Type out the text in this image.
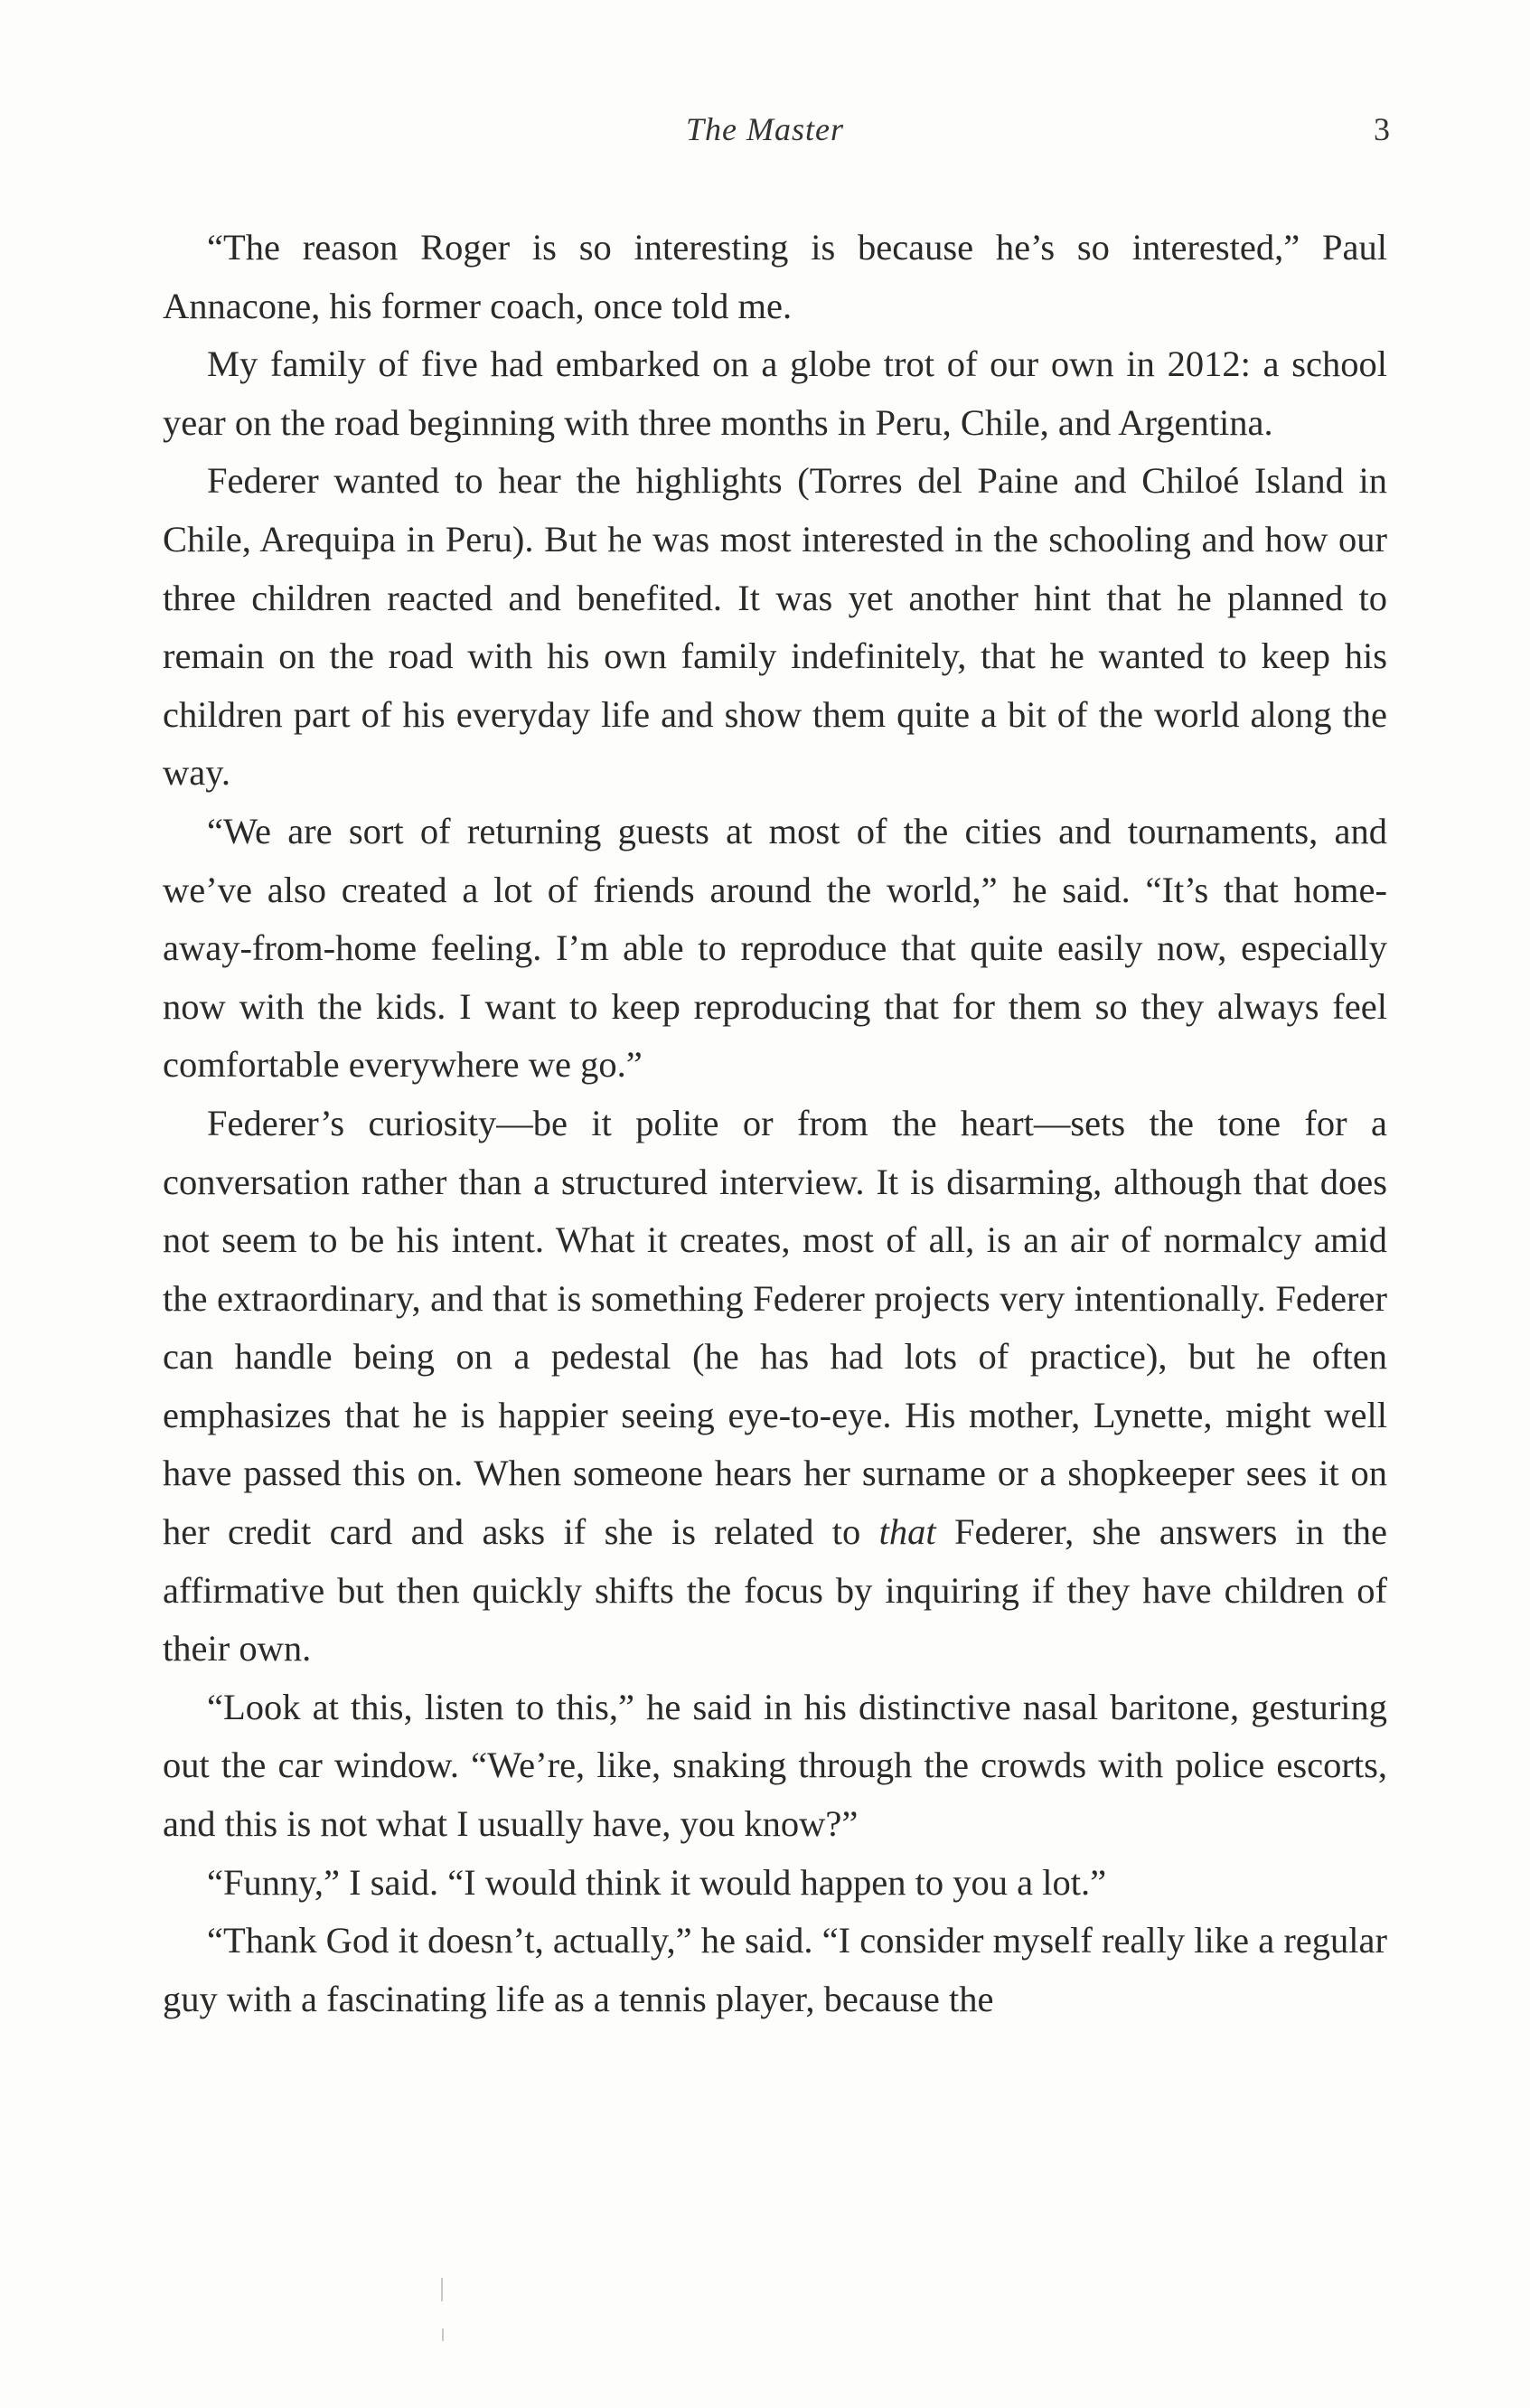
The Master	3

“The reason Roger is so interesting is because he’s so interested,” Paul Annacone, his former coach, once told me.

My family of five had embarked on a globe trot of our own in 2012: a school year on the road beginning with three months in Peru, Chile, and Argentina.

Federer wanted to hear the highlights (Torres del Paine and Chiloé Island in Chile, Arequipa in Peru). But he was most interested in the schooling and how our three children reacted and benefited. It was yet another hint that he planned to remain on the road with his own family indefinitely, that he wanted to keep his children part of his everyday life and show them quite a bit of the world along the way.

“We are sort of returning guests at most of the cities and tournaments, and we’ve also created a lot of friends around the world,” he said. “It’s that home-away-from-home feeling. I’m able to reproduce that quite easily now, especially now with the kids. I want to keep reproducing that for them so they always feel comfortable everywhere we go.”

Federer’s curiosity—be it polite or from the heart—sets the tone for a conversation rather than a structured interview. It is disarming, although that does not seem to be his intent. What it creates, most of all, is an air of normalcy amid the extraordinary, and that is something Federer projects very intentionally. Federer can handle being on a pedestal (he has had lots of practice), but he often emphasizes that he is happier seeing eye-to-eye. His mother, Lynette, might well have passed this on. When someone hears her surname or a shopkeeper sees it on her credit card and asks if she is related to that Federer, she answers in the affirmative but then quickly shifts the focus by inquiring if they have children of their own.

“Look at this, listen to this,” he said in his distinctive nasal baritone, gesturing out the car window. “We’re, like, snaking through the crowds with police escorts, and this is not what I usually have, you know?”

“Funny,” I said. “I would think it would happen to you a lot.”

“Thank God it doesn’t, actually,” he said. “I consider myself really like a regular guy with a fascinating life as a tennis player, because the
